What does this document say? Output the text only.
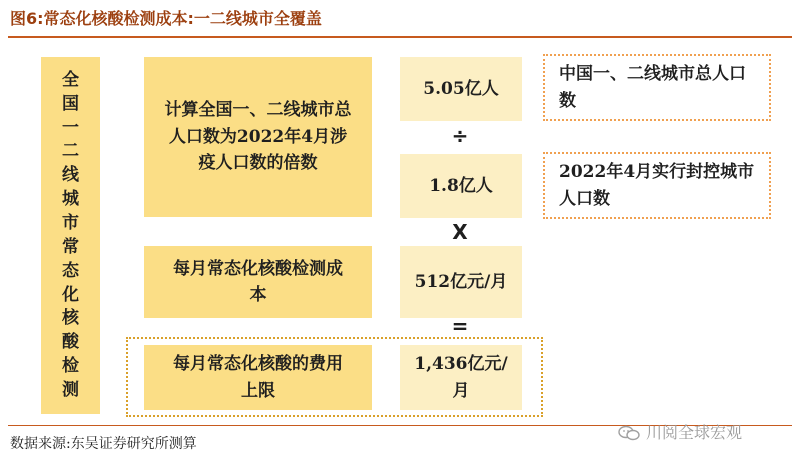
图6:常态化核酸检测成本:一二线城市全覆盖
全
国
一
二
线
城
市
常
态
化
核
酸
检
测
计算全国一、二线城市总人口数为2022年4月涉疫人口数的倍数
5.05亿人
÷
1.8亿人
X
每月常态化核酸检测成本
512亿元/月
=
每月常态化核酸的费用上限
1,436亿元/月
中国一、二线城市总人口数
2022年4月实行封控城市人口数
数据来源:东吴证券研究所测算
川阅全球宏观
